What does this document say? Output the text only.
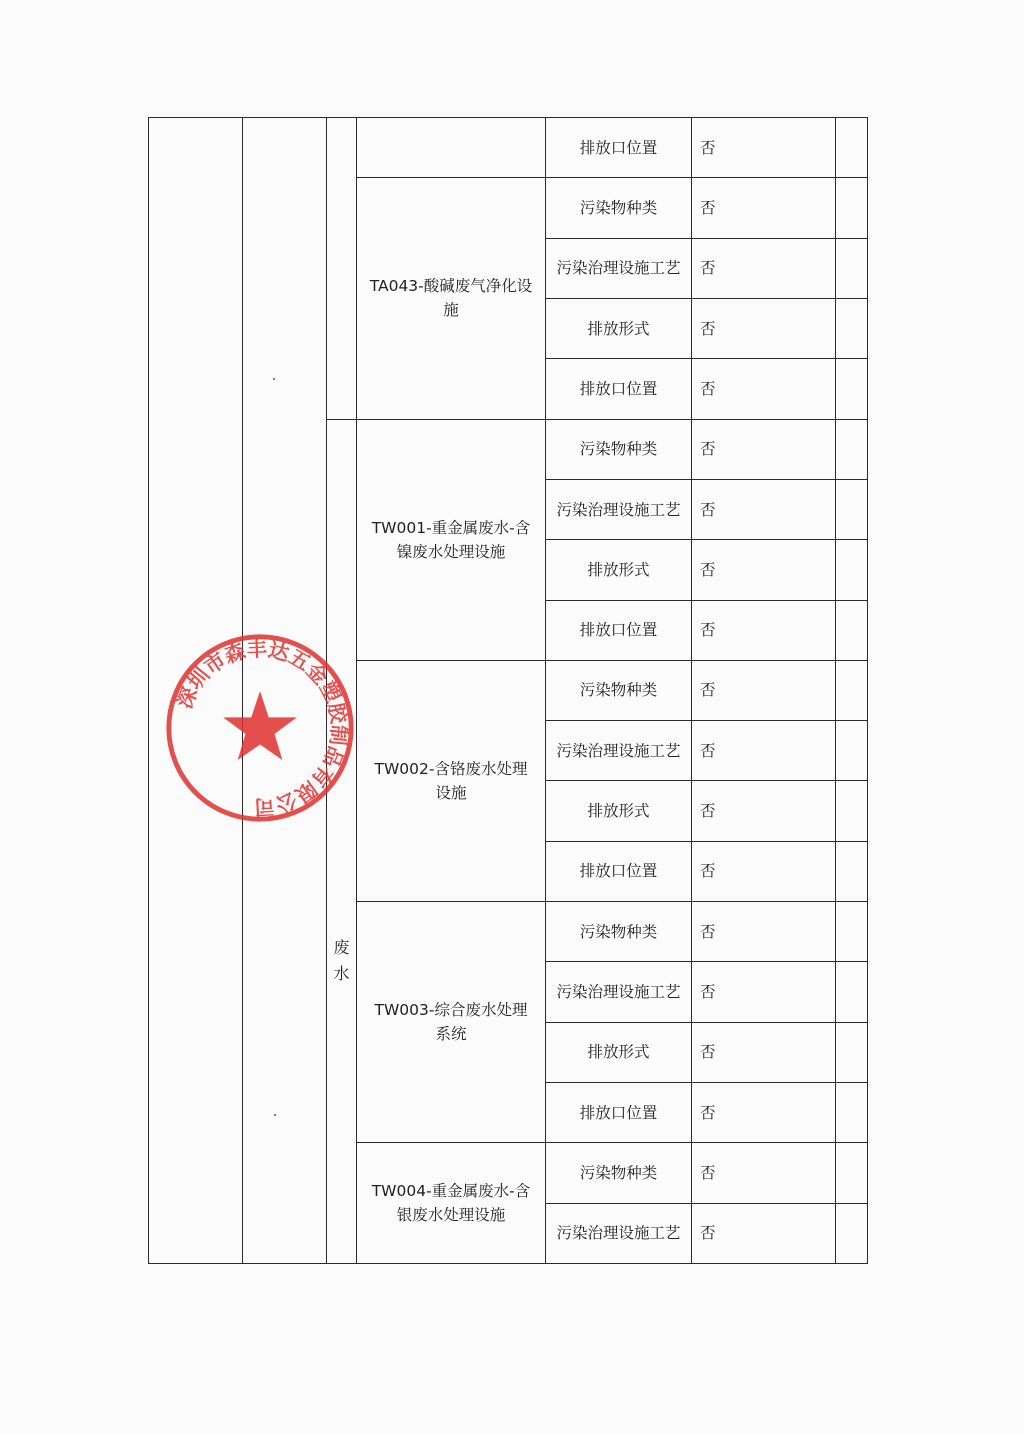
				排放口位置	否	
			TA043-酸碱废气净化设施	污染物种类	否	
				污染治理设施工艺	否	
				排放形式	否	
				排放口位置	否	

		废水	TW001-重金属废水-含镍废水处理设施	污染物种类	否	
				污染治理设施工艺	否	
				排放形式	否	
				排放口位置	否	
			TW002-含铬废水处理设施	污染物种类	否	
				污染治理设施工艺	否	
				排放形式	否	
				排放口位置	否	
			TW003-综合废水处理系统	污染物种类	否	
				污染治理设施工艺	否	
				排放形式	否	
				排放口位置	否	
			TW004-重金属废水-含银废水处理设施	污染物种类	否	
				污染治理设施工艺	否	
深圳市森丰达五金塑胶制品有限公司
